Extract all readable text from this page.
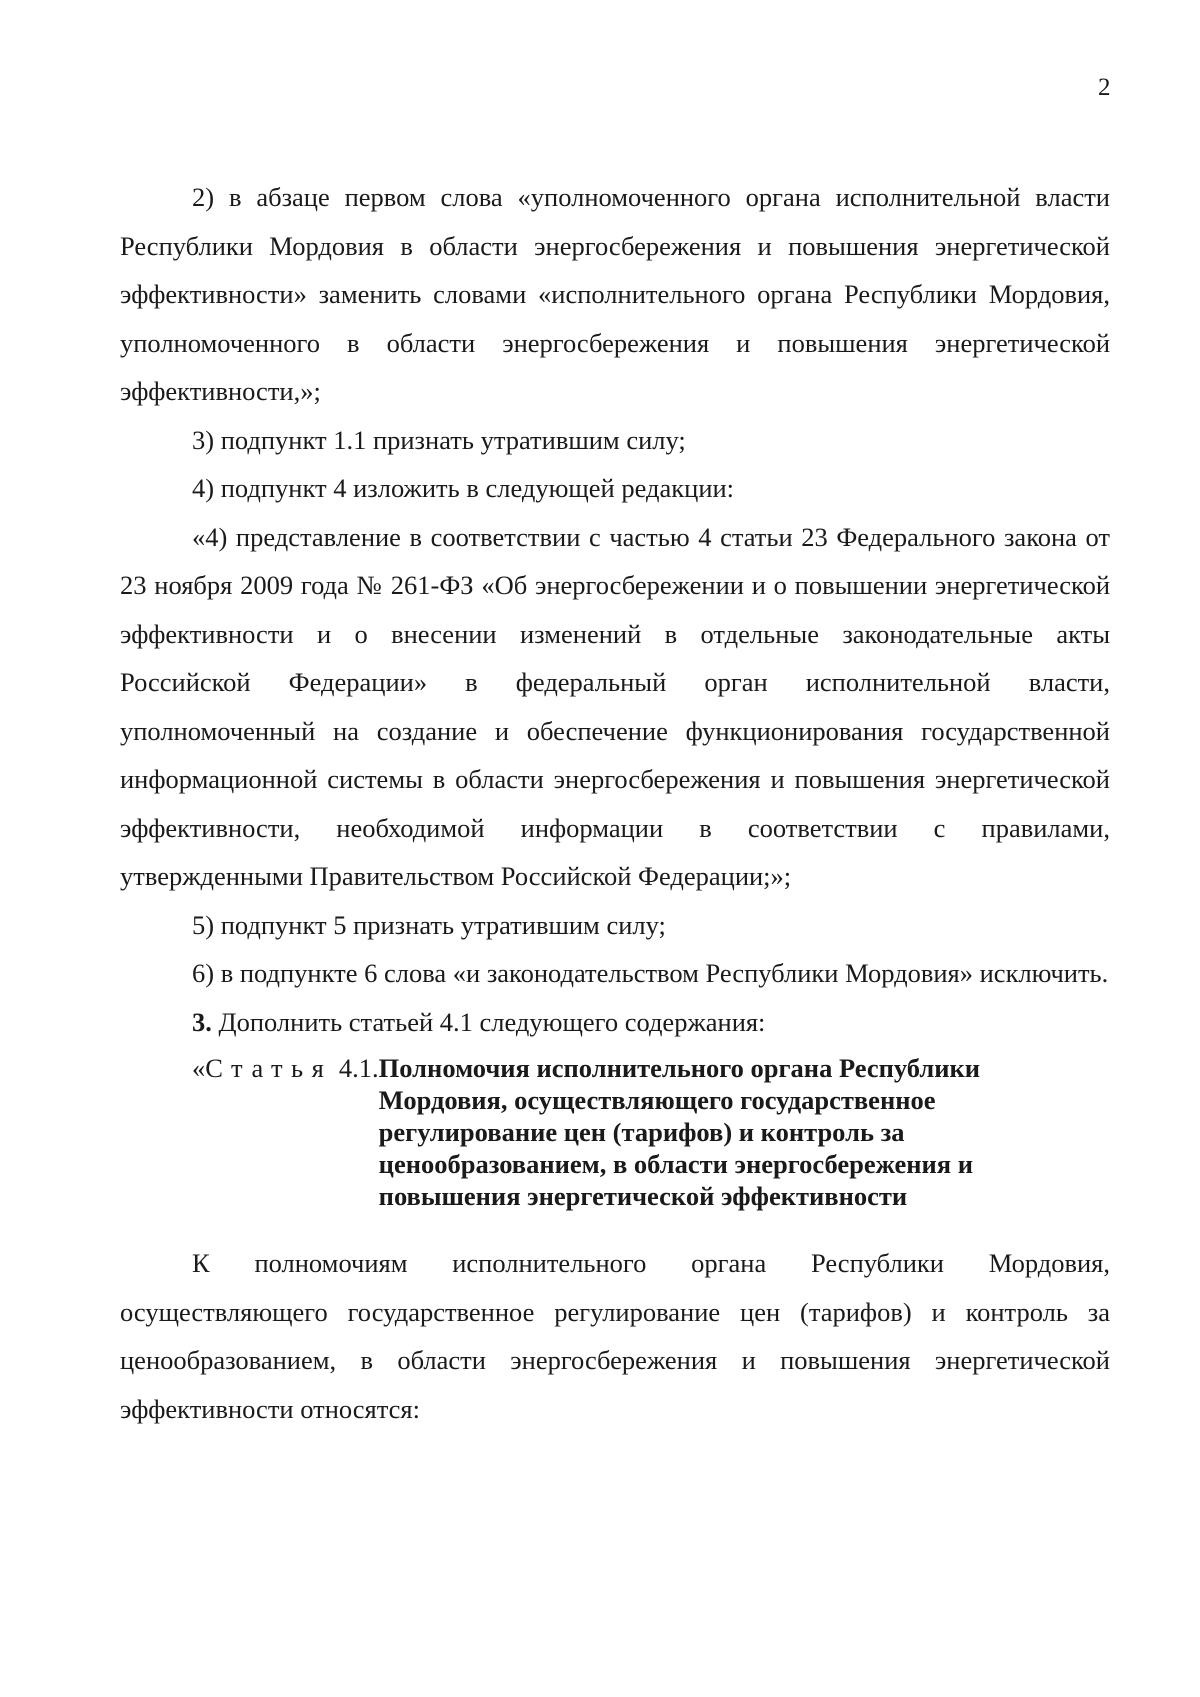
2

2) в абзаце первом слова «уполномоченного органа исполнительной власти Республики Мордовия в области энергосбережения и повышения энергетической эффективности» заменить словами «исполнительного органа Республики Мордовия, уполномоченного в области энергосбережения и повышения энергетической эффективности,»;

3) подпункт 1.1 признать утратившим силу;

4) подпункт 4 изложить в следующей редакции:

«4) представление в соответствии с частью 4 статьи 23 Федерального закона от 23 ноября 2009 года № 261-ФЗ «Об энергосбережении и о повышении энергетической эффективности и о внесении изменений в отдельные законодательные акты Российской Федерации» в федеральный орган исполнительной власти, уполномоченный на создание и обеспечение функционирования государственной информационной системы в области энергосбережения и повышения энергетической эффективности, необходимой информации в соответствии с правилами, утвержденными Правительством Российской Федерации;»;

5) подпункт 5 признать утратившим силу;

6) в подпункте 6 слова «и законодательством Республики Мордовия» исключить.

3. Дополнить статьей 4.1 следующего содержания:

«Статья 4.1. Полномочия исполнительного органа Республики Мордовия, осуществляющего государственное регулирование цен (тарифов) и контроль за ценообразованием, в области энергосбережения и повышения энергетической эффективности

К полномочиям исполнительного органа Республики Мордовия, осуществляющего государственное регулирование цен (тарифов) и контроль за ценообразованием, в области энергосбережения и повышения энергетической эффективности относятся:
